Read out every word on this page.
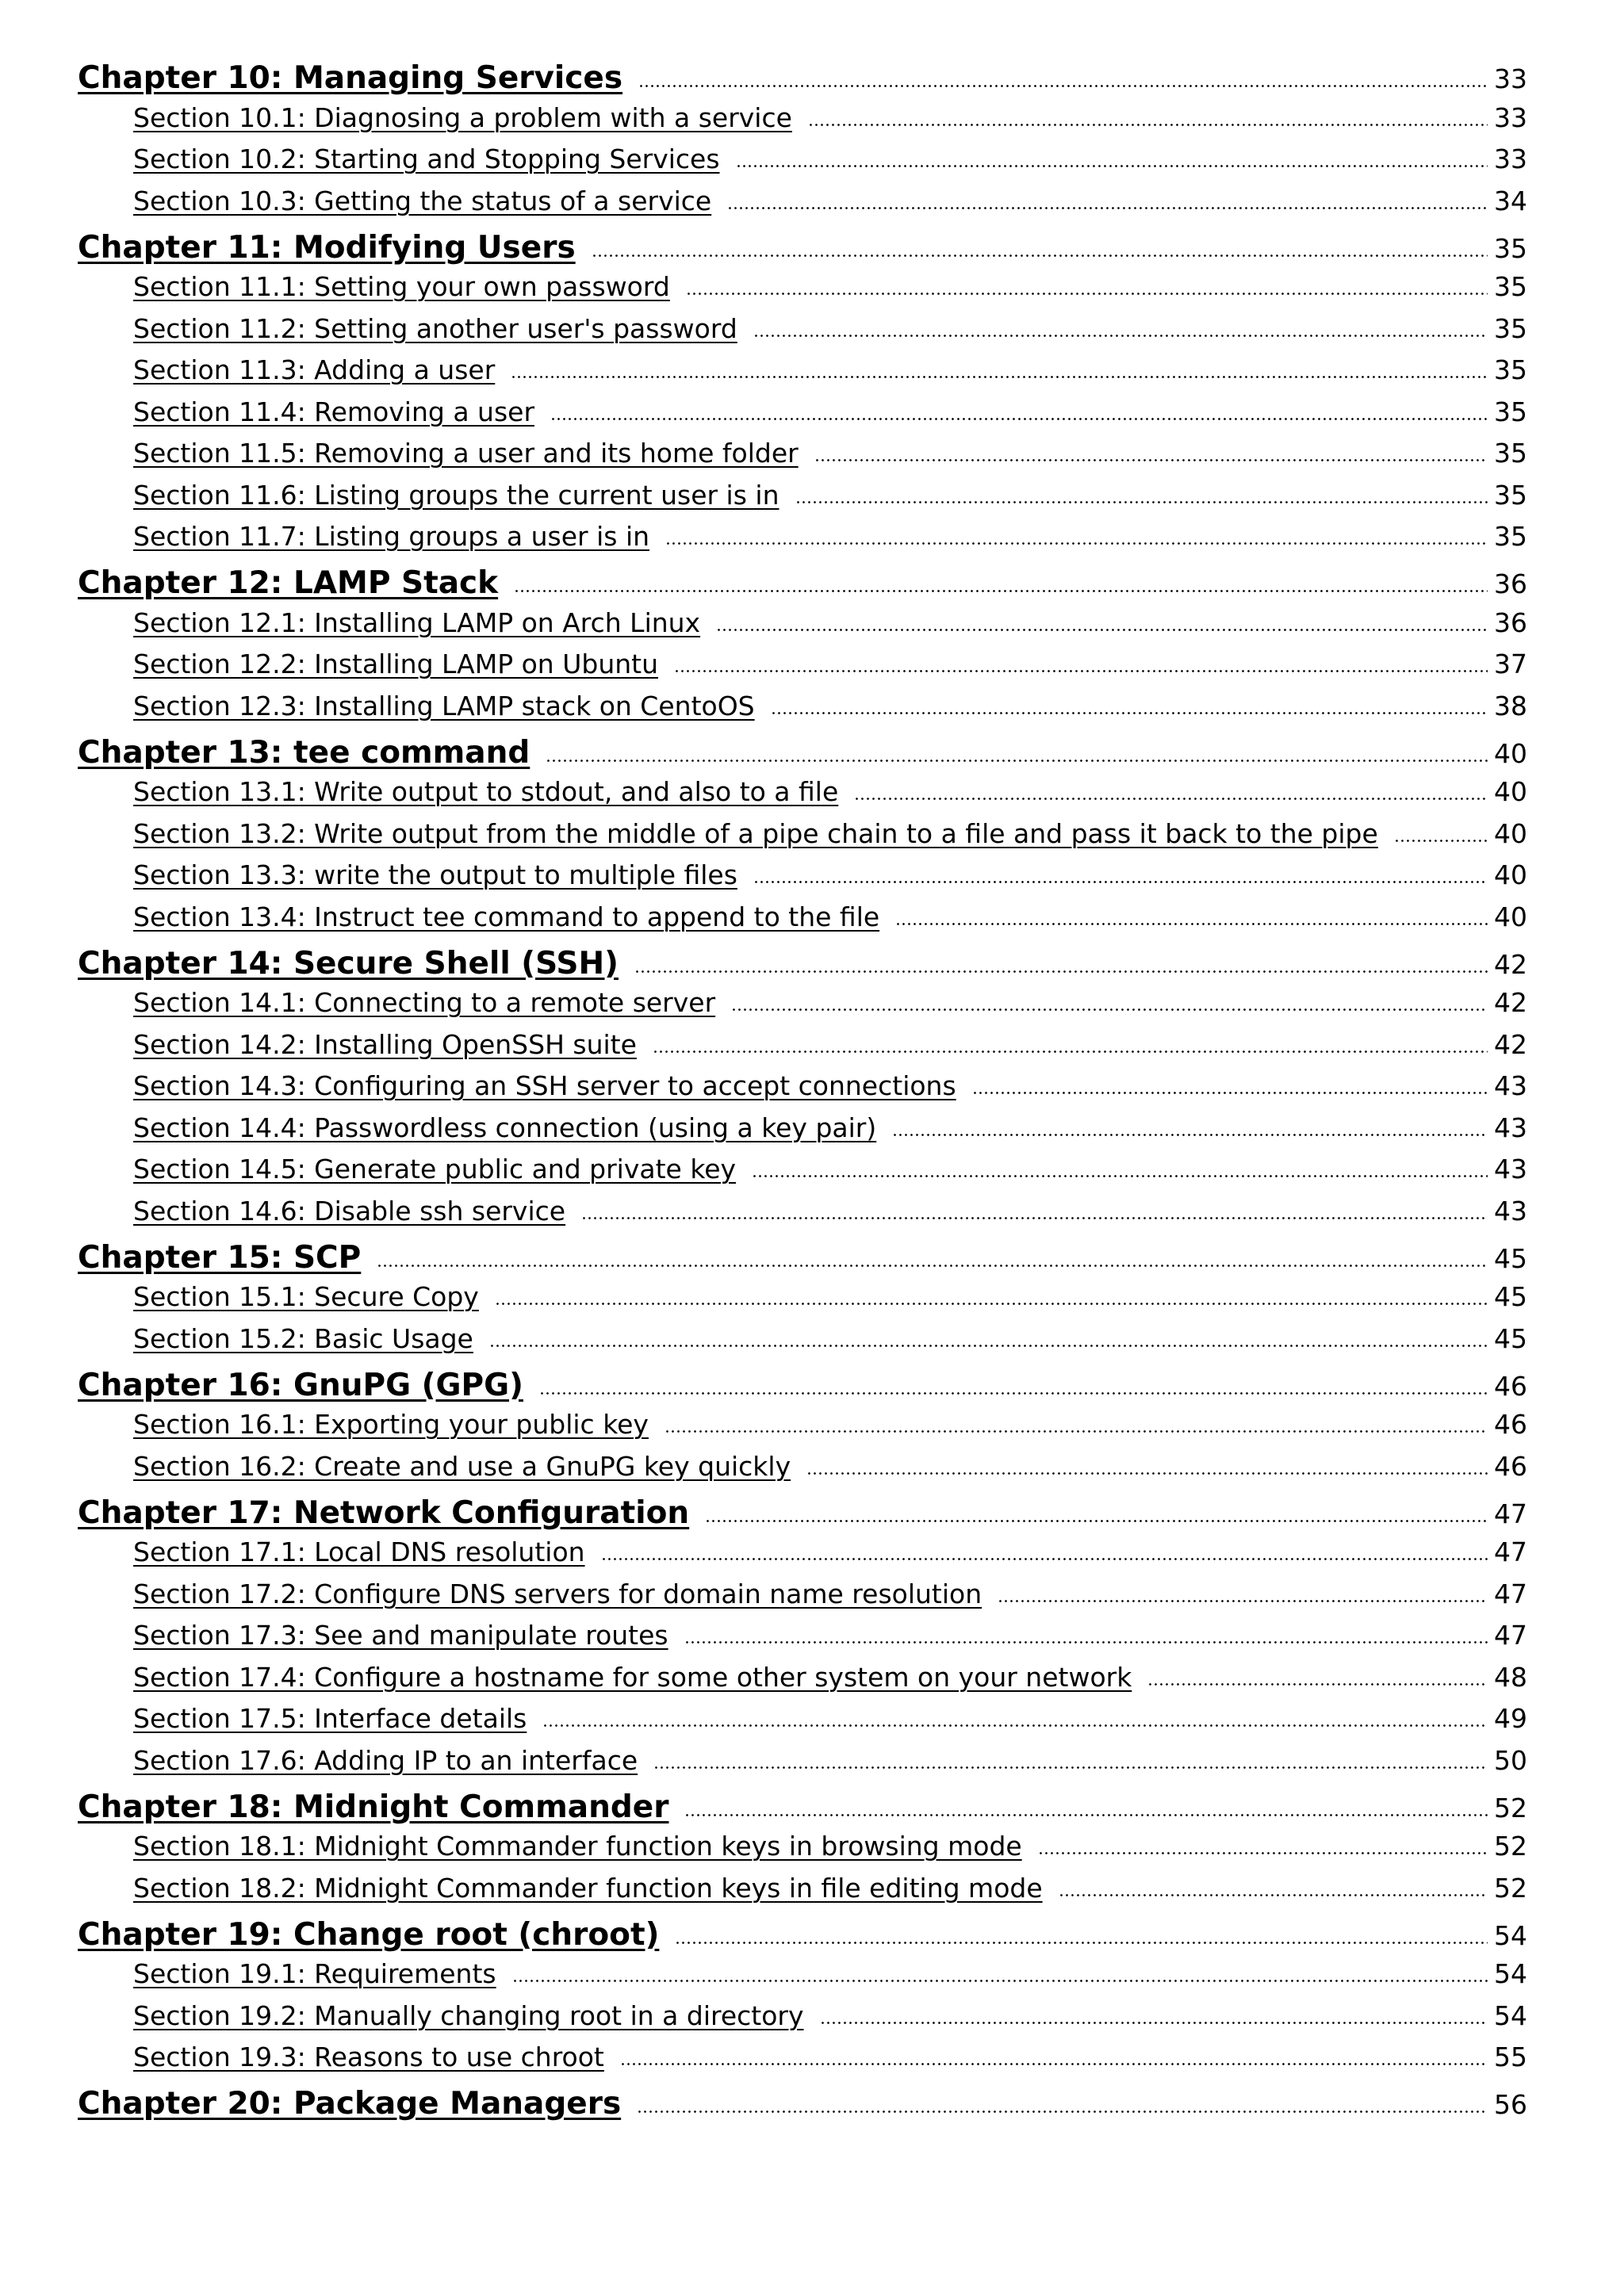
Chapter 10: Managing Services	33
Section 10.1: Diagnosing a problem with a service	33
Section 10.2: Starting and Stopping Services	33
Section 10.3: Getting the status of a service	34
Chapter 11: Modifying Users	35
Section 11.1: Setting your own password	35
Section 11.2: Setting another user's password	35
Section 11.3: Adding a user	35
Section 11.4: Removing a user	35
Section 11.5: Removing a user and its home folder	35
Section 11.6: Listing groups the current user is in	35
Section 11.7: Listing groups a user is in	35
Chapter 12: LAMP Stack	36
Section 12.1: Installing LAMP on Arch Linux	36
Section 12.2: Installing LAMP on Ubuntu	37
Section 12.3: Installing LAMP stack on CentoOS	38
Chapter 13: tee command	40
Section 13.1: Write output to stdout, and also to a file	40
Section 13.2: Write output from the middle of a pipe chain to a file and pass it back to the pipe	40
Section 13.3: write the output to multiple files	40
Section 13.4: Instruct tee command to append to the file	40
Chapter 14: Secure Shell (SSH)	42
Section 14.1: Connecting to a remote server	42
Section 14.2: Installing OpenSSH suite	42
Section 14.3: Configuring an SSH server to accept connections	43
Section 14.4: Passwordless connection (using a key pair)	43
Section 14.5: Generate public and private key	43
Section 14.6: Disable ssh service	43
Chapter 15: SCP	45
Section 15.1: Secure Copy	45
Section 15.2: Basic Usage	45
Chapter 16: GnuPG (GPG)	46
Section 16.1: Exporting your public key	46
Section 16.2: Create and use a GnuPG key quickly	46
Chapter 17: Network Configuration	47
Section 17.1: Local DNS resolution	47
Section 17.2: Configure DNS servers for domain name resolution	47
Section 17.3: See and manipulate routes	47
Section 17.4: Configure a hostname for some other system on your network	48
Section 17.5: Interface details	49
Section 17.6: Adding IP to an interface	50
Chapter 18: Midnight Commander	52
Section 18.1: Midnight Commander function keys in browsing mode	52
Section 18.2: Midnight Commander function keys in file editing mode	52
Chapter 19: Change root (chroot)	54
Section 19.1: Requirements	54
Section 19.2: Manually changing root in a directory	54
Section 19.3: Reasons to use chroot	55
Chapter 20: Package Managers	56
